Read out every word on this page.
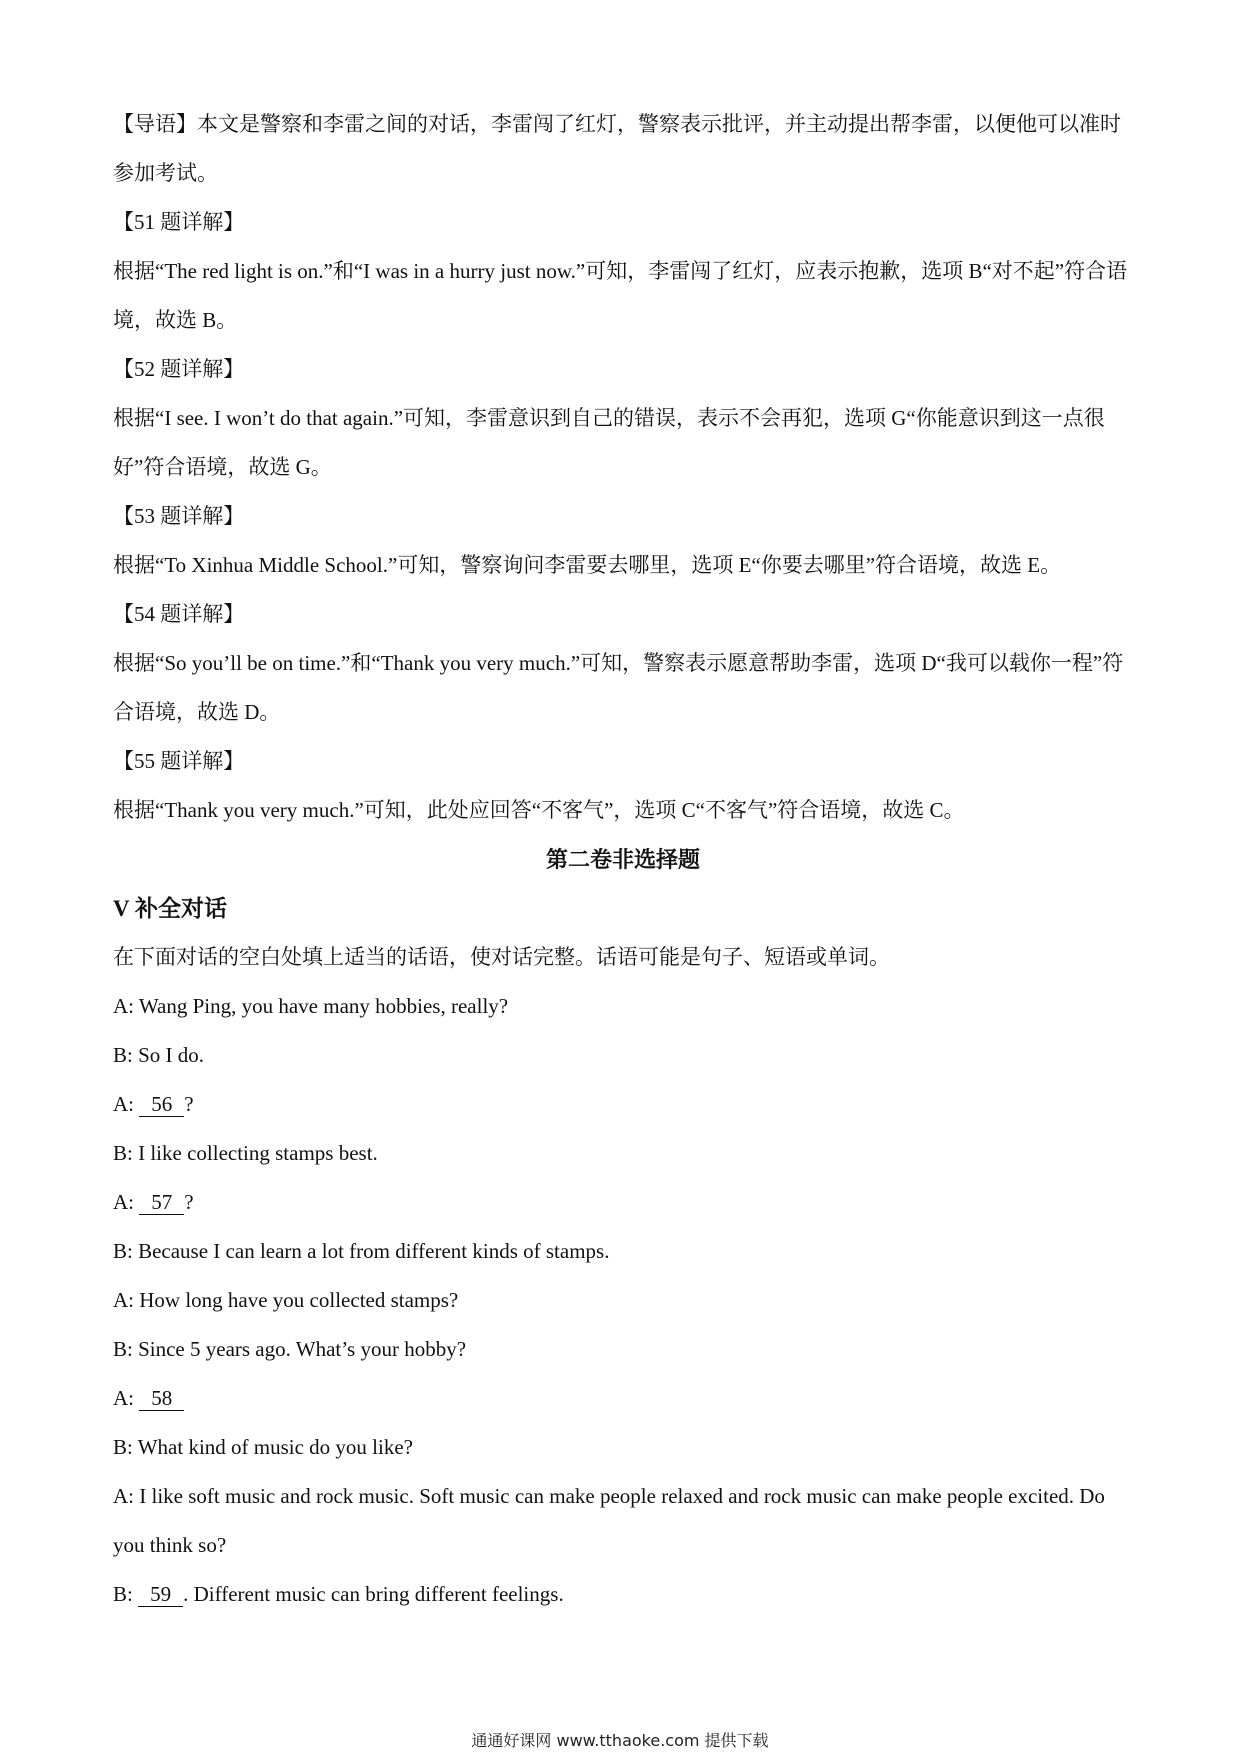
【导语】本文是警察和李雷之间的对话，李雷闯了红灯，警察表示批评，并主动提出帮李雷，以便他可以准时参加考试。

【51 题详解】

根据“The red light is on.”和“I was in a hurry just now.”可知，李雷闯了红灯，应表示抱歉，选项 B“对不起”符合语境，故选 B。

【52 题详解】

根据“I see. I won’t do that again.”可知，李雷意识到自己的错误，表示不会再犯，选项 G“你能意识到这一点很好”符合语境，故选 G。

【53 题详解】

根据“To Xinhua Middle School.”可知，警察询问李雷要去哪里，选项 E“你要去哪里”符合语境，故选 E。

【54 题详解】

根据“So you’ll be on time.”和“Thank you very much.”可知，警察表示愿意帮助李雷，选项 D“我可以载你一程”符合语境，故选 D。

【55 题详解】

根据“Thank you very much.”可知，此处应回答“不客气”，选项 C“不客气”符合语境，故选 C。

第二卷非选择题

V 补全对话

在下面对话的空白处填上适当的话语，使对话完整。话语可能是句子、短语或单词。

A: Wang Ping, you have many hobbies, really?

B: So I do.

A: 56 ?

B: I like collecting stamps best.

A: 57 ?

B: Because I can learn a lot from different kinds of stamps.

A: How long have you collected stamps?

B: Since 5 years ago. What’s your hobby?

A: 58

B: What kind of music do you like?

A: I like soft music and rock music. Soft music can make people relaxed and rock music can make people excited. Do you think so?

B: 59 . Different music can bring different feelings.

通通好课网 www.tthaoke.com 提供下载
